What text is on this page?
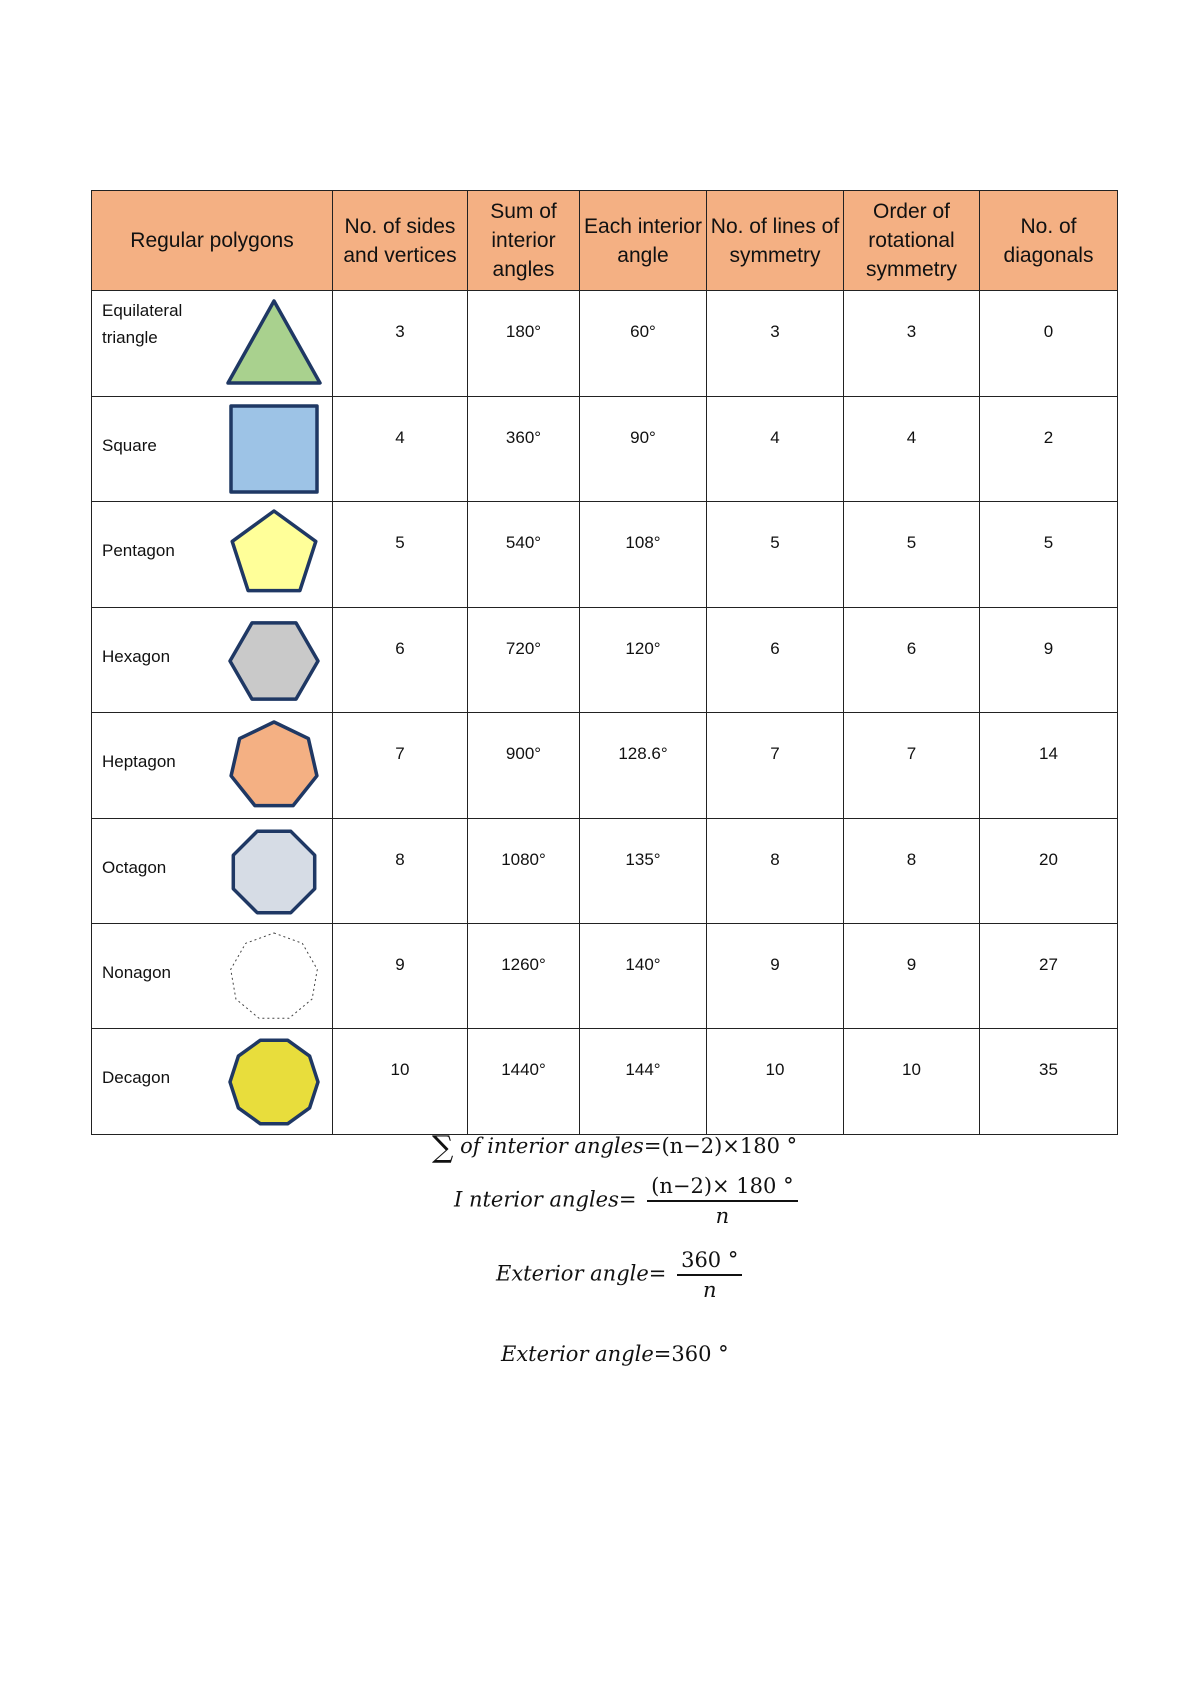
Regular polygons	No. of sides and vertices	Sum of interior angles	Each interior angle	No. of lines of symmetry	Order of rotational symmetry	No. of diagonals

Equilateral triangle	3	180°	60°	3	3	0

Square	4	360°	90°	4	4	2

Pentagon	5	540°	108°	5	5	5

Hexagon	6	720°	120°	6	6	9

Heptagon	7	900°	128.6°	7	7	14

Octagon	8	1080°	135°	8	8	20

Nonagon	9	1260°	140°	9	9	27

Decagon	10	1440°	144°	10	10	35
∑ of interior angles=(n−2)×180 °
I nterior angles= $\frac{(n-2)\times 180 ^\circ}{n}$
Exterior angle= $\frac{360 ^\circ}{n}$
Exterior angle=360 °
